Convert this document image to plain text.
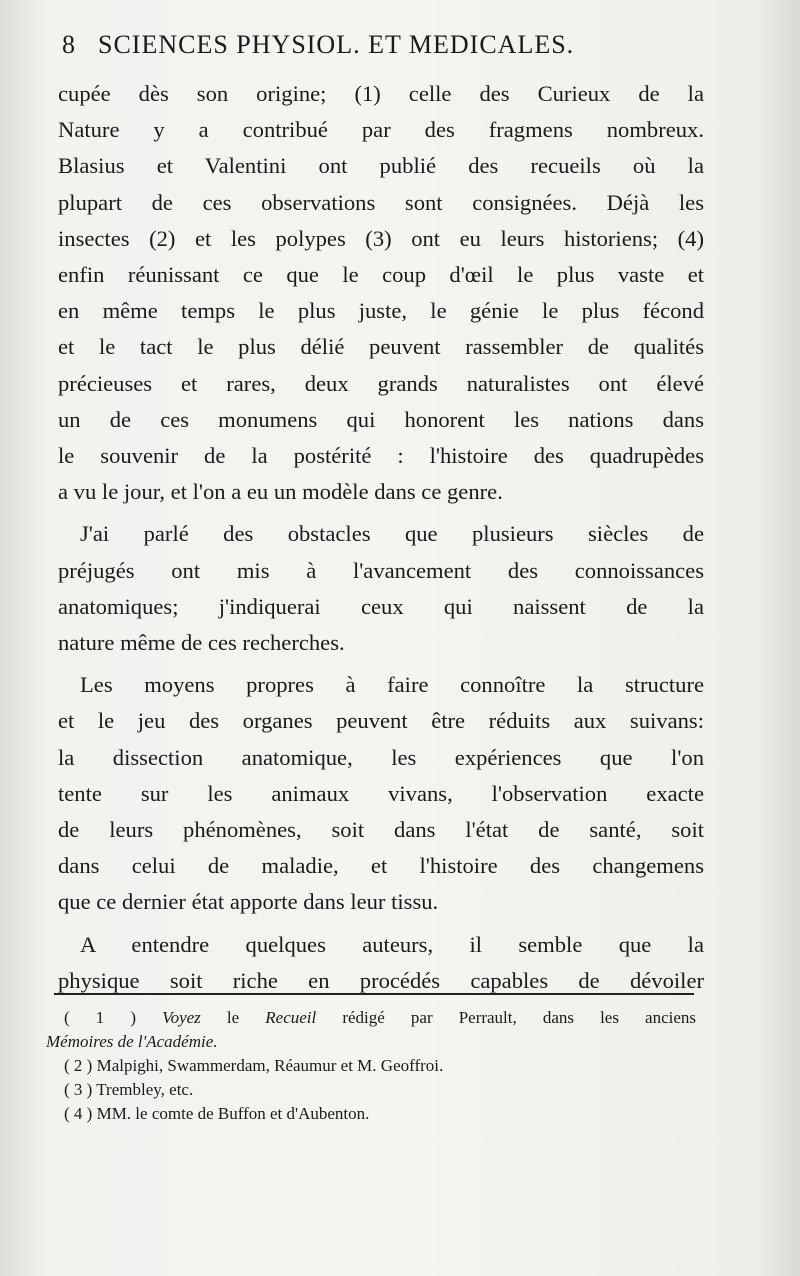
8 SCIENCES PHYSIOL. ET MEDICALES.
cupée dès son origine; (1) celle des Curieux de la
Nature y a contribué par des fragmens nombreux.
Blasius et Valentini ont publié des recueils où la
plupart de ces observations sont consignées. Déjà les
insectes (2) et les polypes (3) ont eu leurs historiens; (4)
enfin réunissant ce que le coup d'œil le plus vaste et
en même temps le plus juste, le génie le plus fécond
et le tact le plus délié peuvent rassembler de qualités
précieuses et rares, deux grands naturalistes ont élevé
un de ces monumens qui honorent les nations dans
le souvenir de la postérité : l'histoire des quadrupèdes
a vu le jour, et l'on a eu un modèle dans ce genre.
J'ai parlé des obstacles que plusieurs siècles de
préjugés ont mis à l'avancement des connoissances
anatomiques; j'indiquerai ceux qui naissent de la
nature même de ces recherches.
Les moyens propres à faire connoître la structure
et le jeu des organes peuvent être réduits aux suivans:
la dissection anatomique, les expériences que l'on
tente sur les animaux vivans, l'observation exacte
de leurs phénomènes, soit dans l'état de santé, soit
dans celui de maladie, et l'histoire des changemens
que ce dernier état apporte dans leur tissu.
A entendre quelques auteurs, il semble que la
physique soit riche en procédés capables de dévoiler
( 1 ) Voyez le Recueil rédigé par Perrault, dans les anciens
Mémoires de l'Académie.
( 2 ) Malpighi, Swammerdam, Réaumur et M. Geoffroi.
( 3 ) Trembley, etc.
( 4 ) MM. le comte de Buffon et d'Aubenton.
